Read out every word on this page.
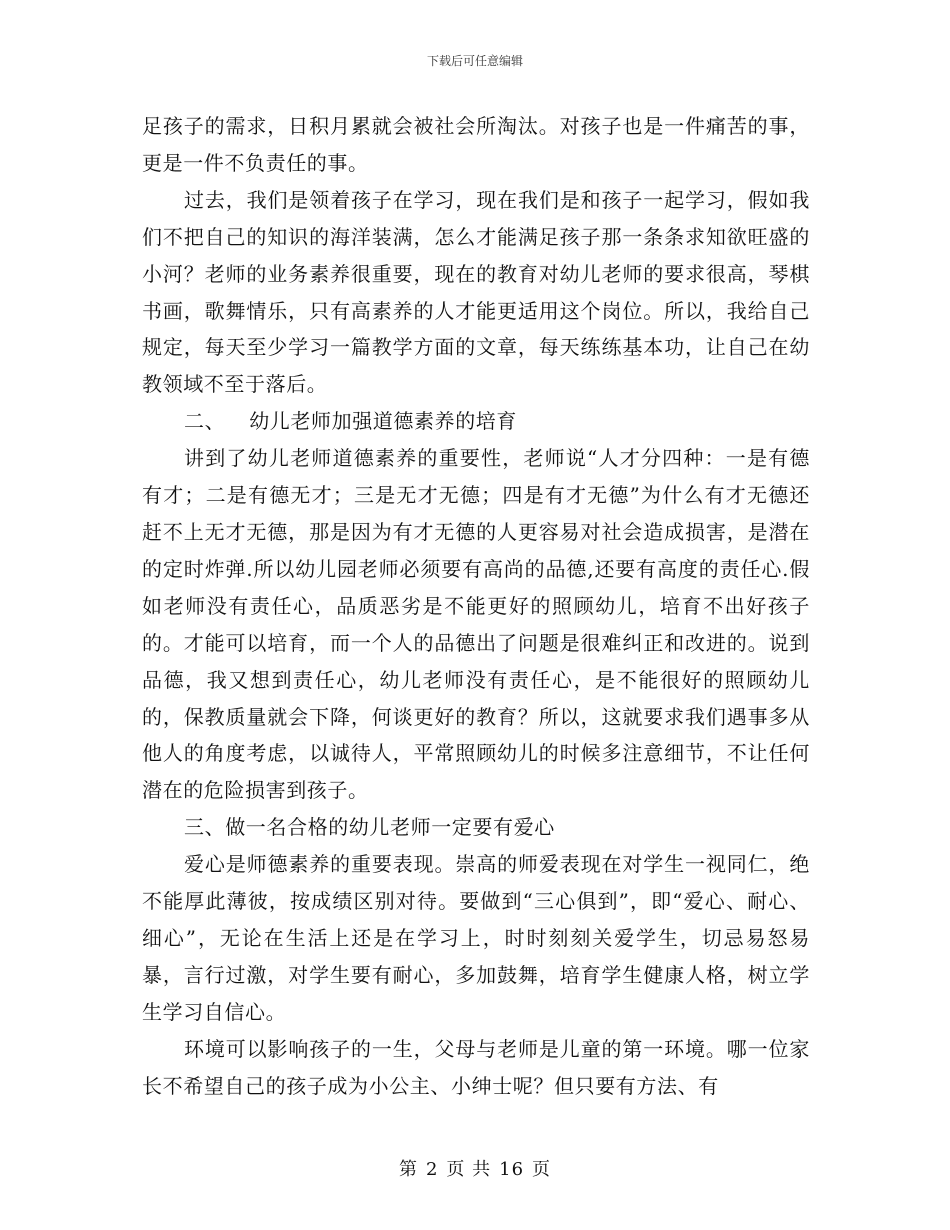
下载后可任意编辑

足孩子的需求，日积月累就会被社会所淘汰。对孩子也是一件痛苦的事，更是一件不负责任的事。

过去，我们是领着孩子在学习，现在我们是和孩子一起学习，假如我们不把自己的知识的海洋装满，怎么才能满足孩子那一条条求知欲旺盛的小河？老师的业务素养很重要，现在的教育对幼儿老师的要求很高，琴棋书画，歌舞情乐，只有高素养的人才能更适用这个岗位。所以，我给自己规定，每天至少学习一篇教学方面的文章，每天练练基本功，让自己在幼教领域不至于落后。

二、 幼儿老师加强道德素养的培育

讲到了幼儿老师道德素养的重要性，老师说“人才分四种：一是有德有才；二是有德无才；三是无才无德；四是有才无德”为什么有才无德还赶不上无才无德，那是因为有才无德的人更容易对社会造成损害，是潜在的定时炸弹.所以幼儿园老师必须要有高尚的品德,还要有高度的责任心.假如老师没有责任心，品质恶劣是不能更好的照顾幼儿，培育不出好孩子的。才能可以培育，而一个人的品德出了问题是很难纠正和改进的。说到品德，我又想到责任心，幼儿老师没有责任心，是不能很好的照顾幼儿的，保教质量就会下降，何谈更好的教育？所以，这就要求我们遇事多从他人的角度考虑，以诚待人，平常照顾幼儿的时候多注意细节，不让任何潜在的危险损害到孩子。

三、做一名合格的幼儿老师一定要有爱心

爱心是师德素养的重要表现。崇高的师爱表现在对学生一视同仁，绝不能厚此薄彼，按成绩区别对待。要做到“三心俱到”，即“爱心、耐心、细心”，无论在生活上还是在学习上，时时刻刻关爱学生，切忌易怒易暴，言行过激，对学生要有耐心，多加鼓舞，培育学生健康人格，树立学生学习自信心。

环境可以影响孩子的一生，父母与老师是儿童的第一环境。哪一位家长不希望自己的孩子成为小公主、小绅士呢？但只要有方法、有

第 2 页 共 16 页
